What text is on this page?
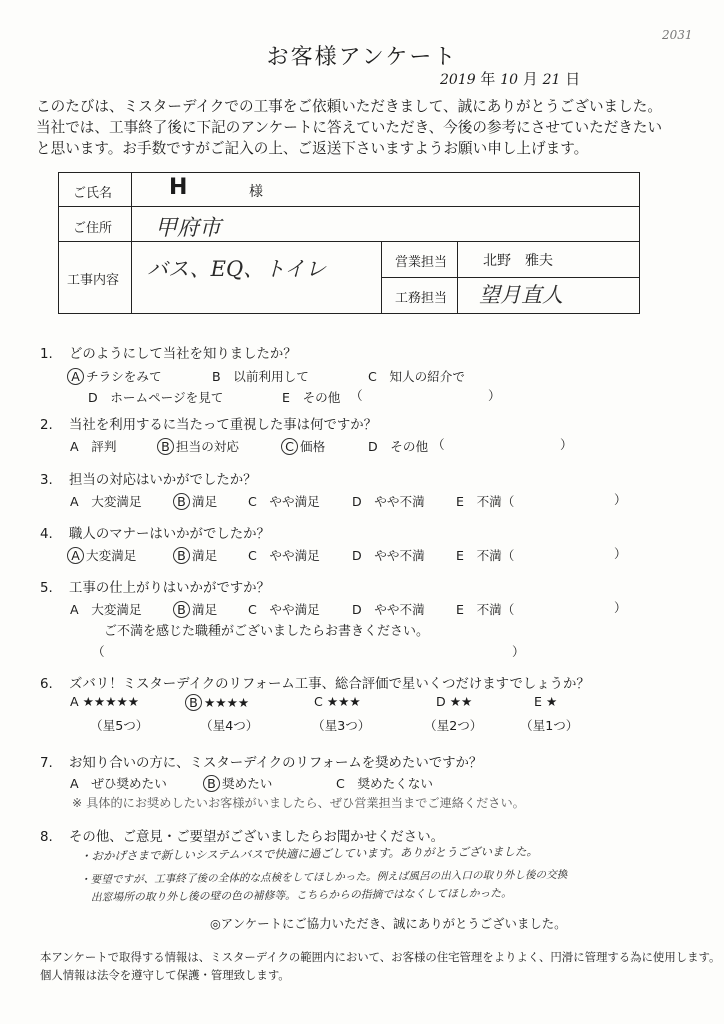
2031
お客様アンケート
2019 年 10 月 21 日
このたびは、ミスターデイクでの工事をご依頼いただきまして、誠にありがとうございました。
当社では、工事終了後に下記のアンケートに答えていただき、今後の参考にさせていただきたい
と思います。お手数ですがご記入の上、ご返送下さいますようお願い申し上げます。
ご氏名	H	様
ご住所 甲府市
工事内容 バス、EQ、トイレ	営業担当	北野　雅夫
工務担当 望月直人
1. どのようにして当社を知りましたか？
A チラシをみて	B　 以前利用して	C　 知人の紹介で
D　 ホームページを見て	E　 その他 （	）
2. 当社を利用するに当たって重視した事は何ですか？
A　 評判	B 担当の対応	C 価格	D　 その他 （	）
3. 担当の対応はいかがでしたか？
A　 大変満足	B 満足 C　 やや満足	D　 やや不満 E　 不満（	）
4. 職人のマナーはいかがでしたか？
A 大変満足	B 満足 C　 やや満足	D　 やや不満 E　 不満（	）
5. 工事の仕上がりはいかがですか？
A　 大変満足	B 満足 C　 やや満足	D　 やや不満 E　 不満（	）
ご不満を感じた職種がございましたらお書きください。
（	）
6. ズバリ！ミスターデイクのリフォーム工事、総合評価で星いくつだけますでしょうか？
A ★★★★★
（星5つ）
B ★★★★
（星4つ）
C ★★★
（星3つ）
D ★★
（星2つ）
E ★
（星1つ）
7. お知り合いの方に、ミスターデイクのリフォームを奨めたいですか？
A　 ぜひ奨めたい	B 奨めたい	C　 奨めたくない
※ 具体的にお奨めしたいお客様がいましたら、ぜひ営業担当までご連絡ください。
8. その他、ご意見・ご要望がございましたらお聞かせください。
・おかげさまで新しいシステムバスで快適に過ごしています。ありがとうございました。
・要望ですが、工事終了後の全体的な点検をしてほしかった。例えば風呂の出入口の取り外し後の交換
　出窓場所の取り外し後の壁の色の補修等。こちらからの指摘ではなくしてほしかった。
◎アンケートにご協力いただき、誠にありがとうございました。
本アンケートで取得する情報は、ミスターデイクの範囲内において、お客様の住宅管理をよりよく、円滑に管理する為に使用します。
個人情報は法令を遵守して保護・管理致します。
